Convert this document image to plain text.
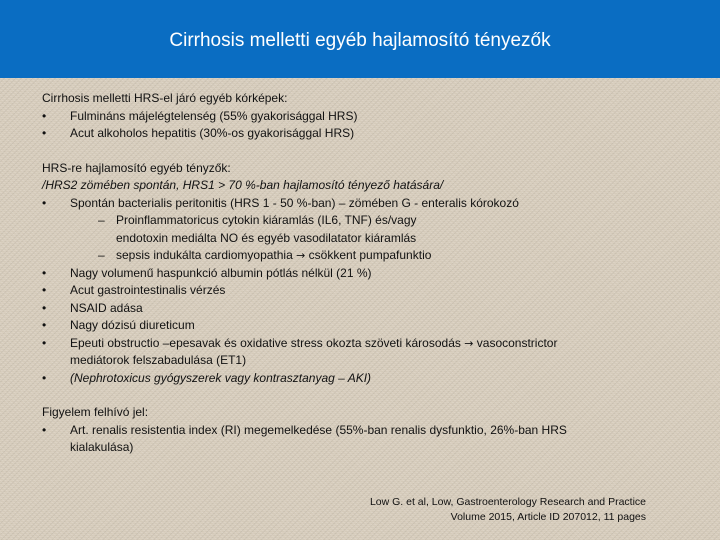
Cirrhosis melletti egyéb hajlamosító tényezők

Cirrhosis melletti HRS-el járó egyéb kórképek:

•	Fulmináns májelégtelenség (55% gyakorisággal HRS)
•	Acut alkoholos hepatitis (30%-os gyakorisággal HRS)

HRS-re hajlamosító egyéb tényzők:

/HRS2 zömében spontán, HRS1 > 70 %-ban hajlamosító tényező hatására/

•	Spontán bacterialis peritonitis (HRS 1 - 50 %-ban) – zömében G - enteralis kórokozó
– Proinflammatoricus cytokin kiáramlás (IL6, TNF) és/vagy
endotoxin mediálta NO és egyéb vasodilatator kiáramlás
– sepsis indukálta cardiomyopathia → csökkent pumpafunktio
•	Nagy volumenű haspunkció albumin pótlás nélkül (21 %)
•	Acut gastrointestinalis vérzés
•	NSAID adása
•	Nagy dózisú diureticum
•	Epeuti obstructio –epesavak és oxidative stress okozta szöveti károsodás → vasoconstrictor
mediátorok felszabadulása (ET1)
•	(Nephrotoxicus gyógyszerek vagy kontrasztanyag – AKI)

Figyelem felhívó jel:

•	Art. renalis resistentia index (RI) megemelkedése (55%-ban renalis dysfunktio, 26%-ban HRS
kialakulása)
Low G. et al, Low, Gastroenterology Research and Practice
Volume 2015, Article ID 207012, 11 pages
